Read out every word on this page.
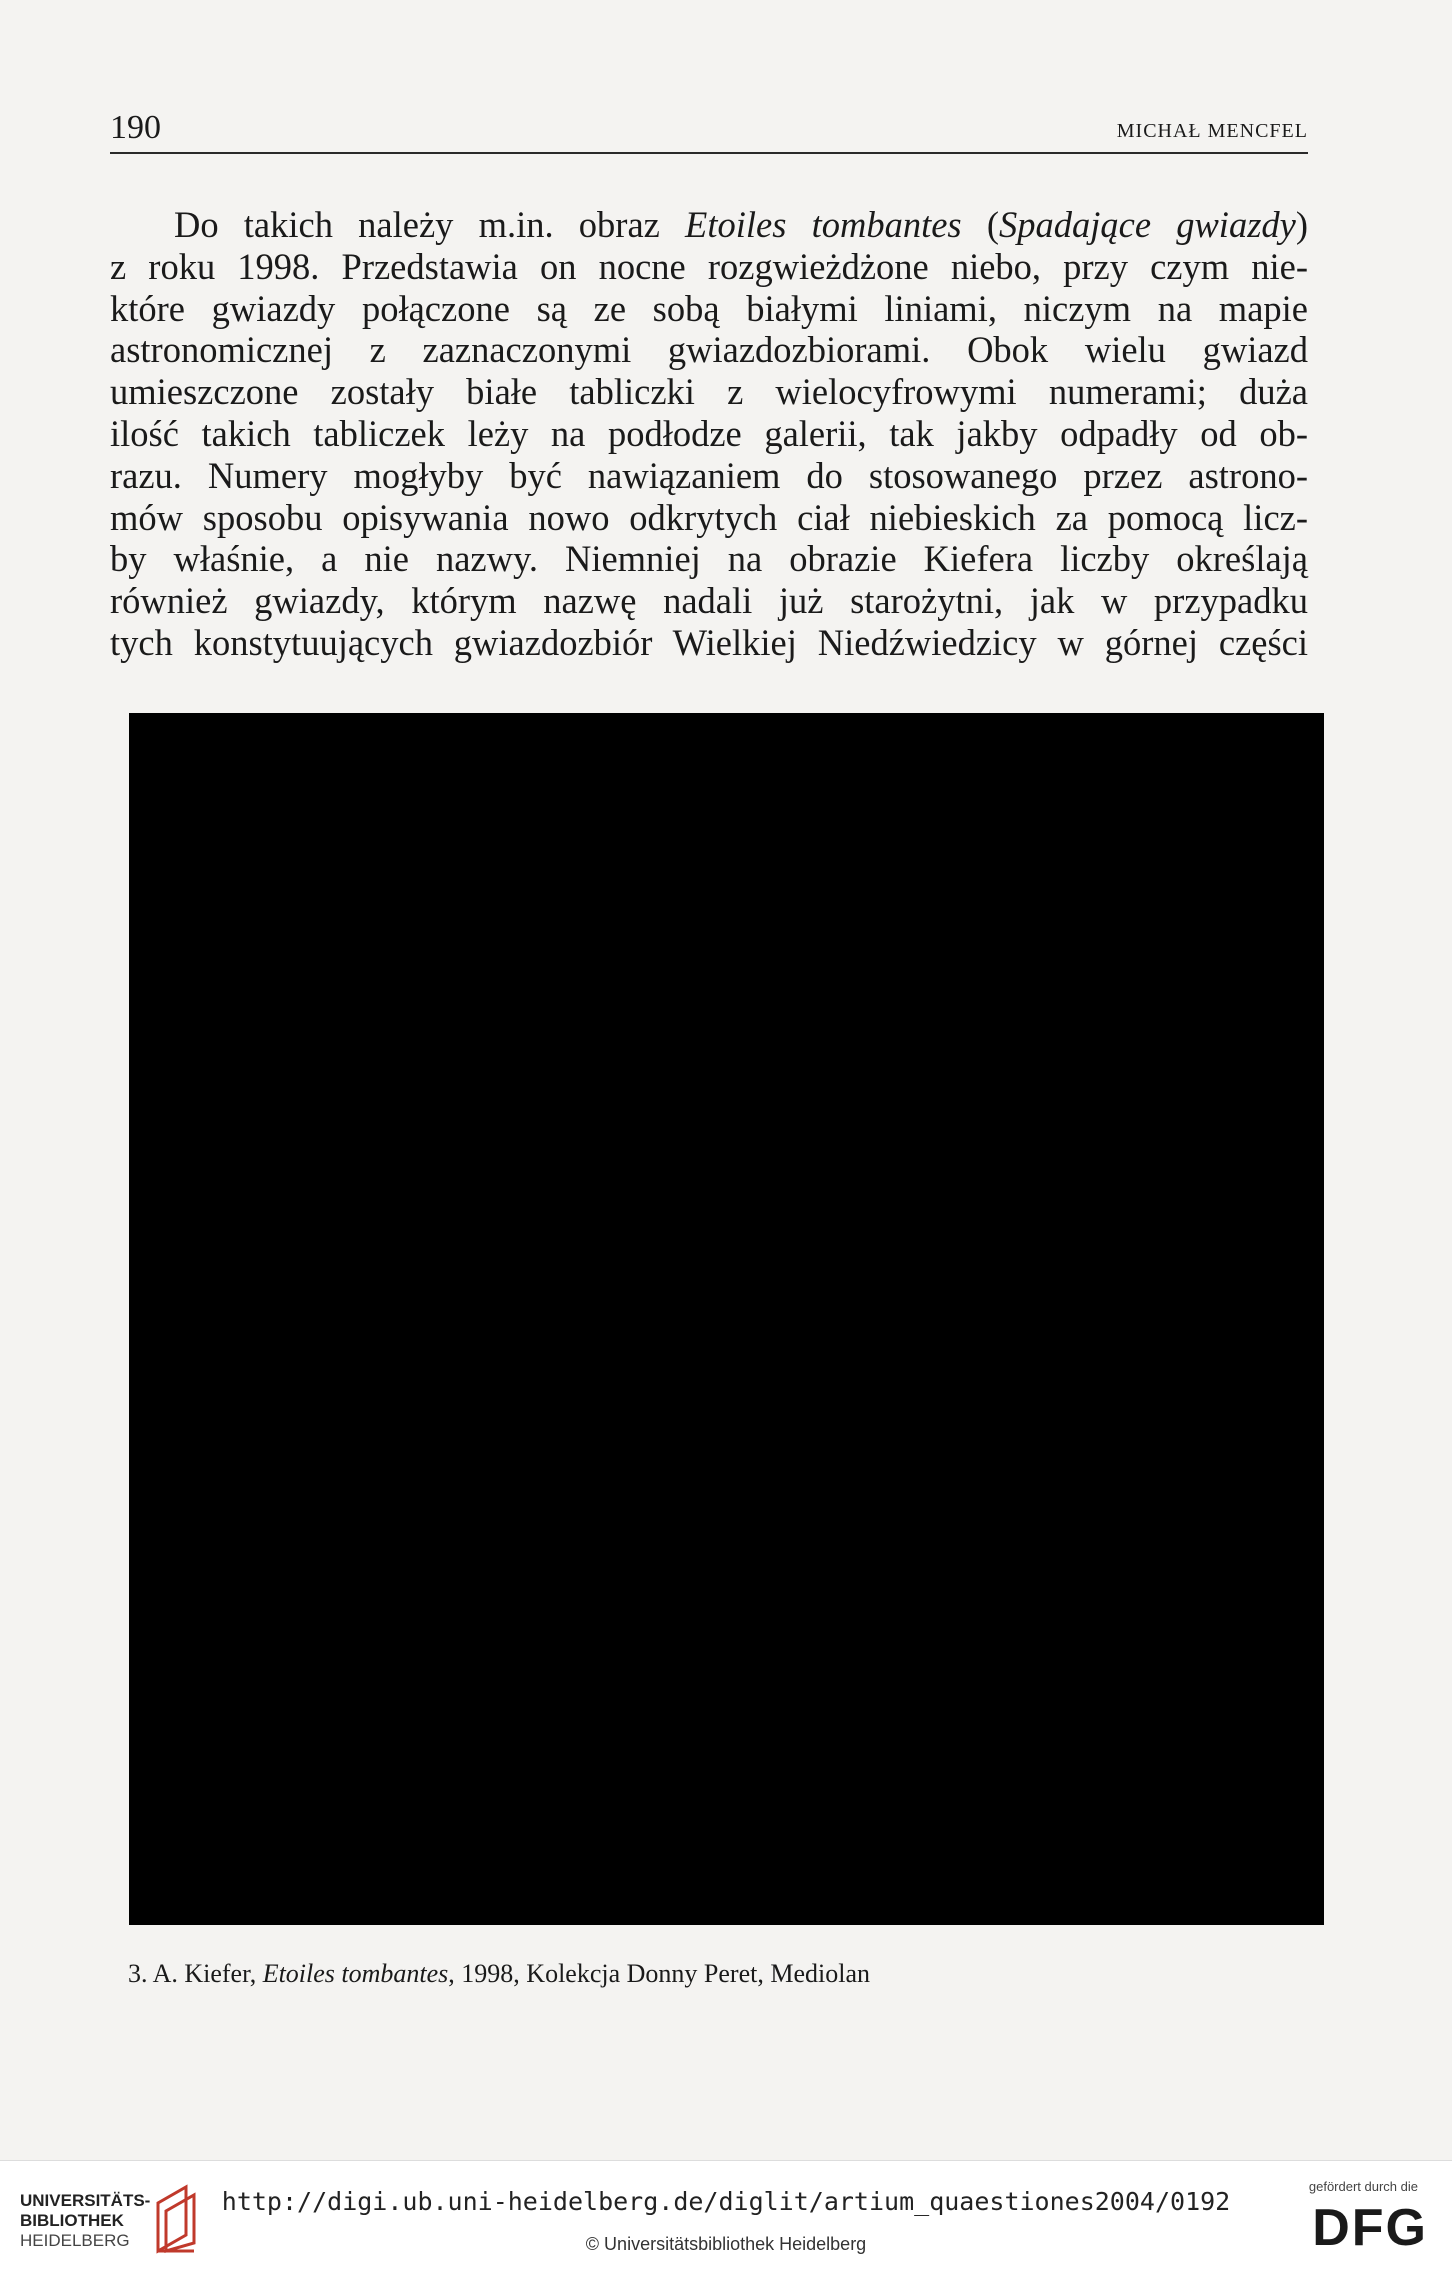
190	MICHAŁ MENCFEL
Do takich należy m.in. obraz Etoiles tombantes (Spadające gwiazdy)
z roku 1998. Przedstawia on nocne rozgwieżdżone niebo, przy czym nie-
które gwiazdy połączone są ze sobą białymi liniami, niczym na mapie
astronomicznej z zaznaczonymi gwiazdozbiorami. Obok wielu gwiazd
umieszczone zostały białe tabliczki z wielocyfrowymi numerami; duża
ilość takich tabliczek leży na podłodze galerii, tak jakby odpadły od ob-
razu. Numery mogłyby być nawiązaniem do stosowanego przez astrono-
mów sposobu opisywania nowo odkrytych ciał niebieskich za pomocą licz-
by właśnie, a nie nazwy. Niemniej na obrazie Kiefera liczby określają
również gwiazdy, którym nazwę nadali już starożytni, jak w przypadku
tych konstytuujących gwiazdozbiór Wielkiej Niedźwiedzicy w górnej części
3. A. Kiefer, Etoiles tombantes, 1998, Kolekcja Donny Peret, Mediolan
UNIVERSITÄTS-
BIBLIOTHEK
HEIDELBERG
http://digi.ub.uni-heidelberg.de/diglit/artium_quaestiones2004/0192
© Universitätsbibliothek Heidelberg
gefördert durch die
DFG
